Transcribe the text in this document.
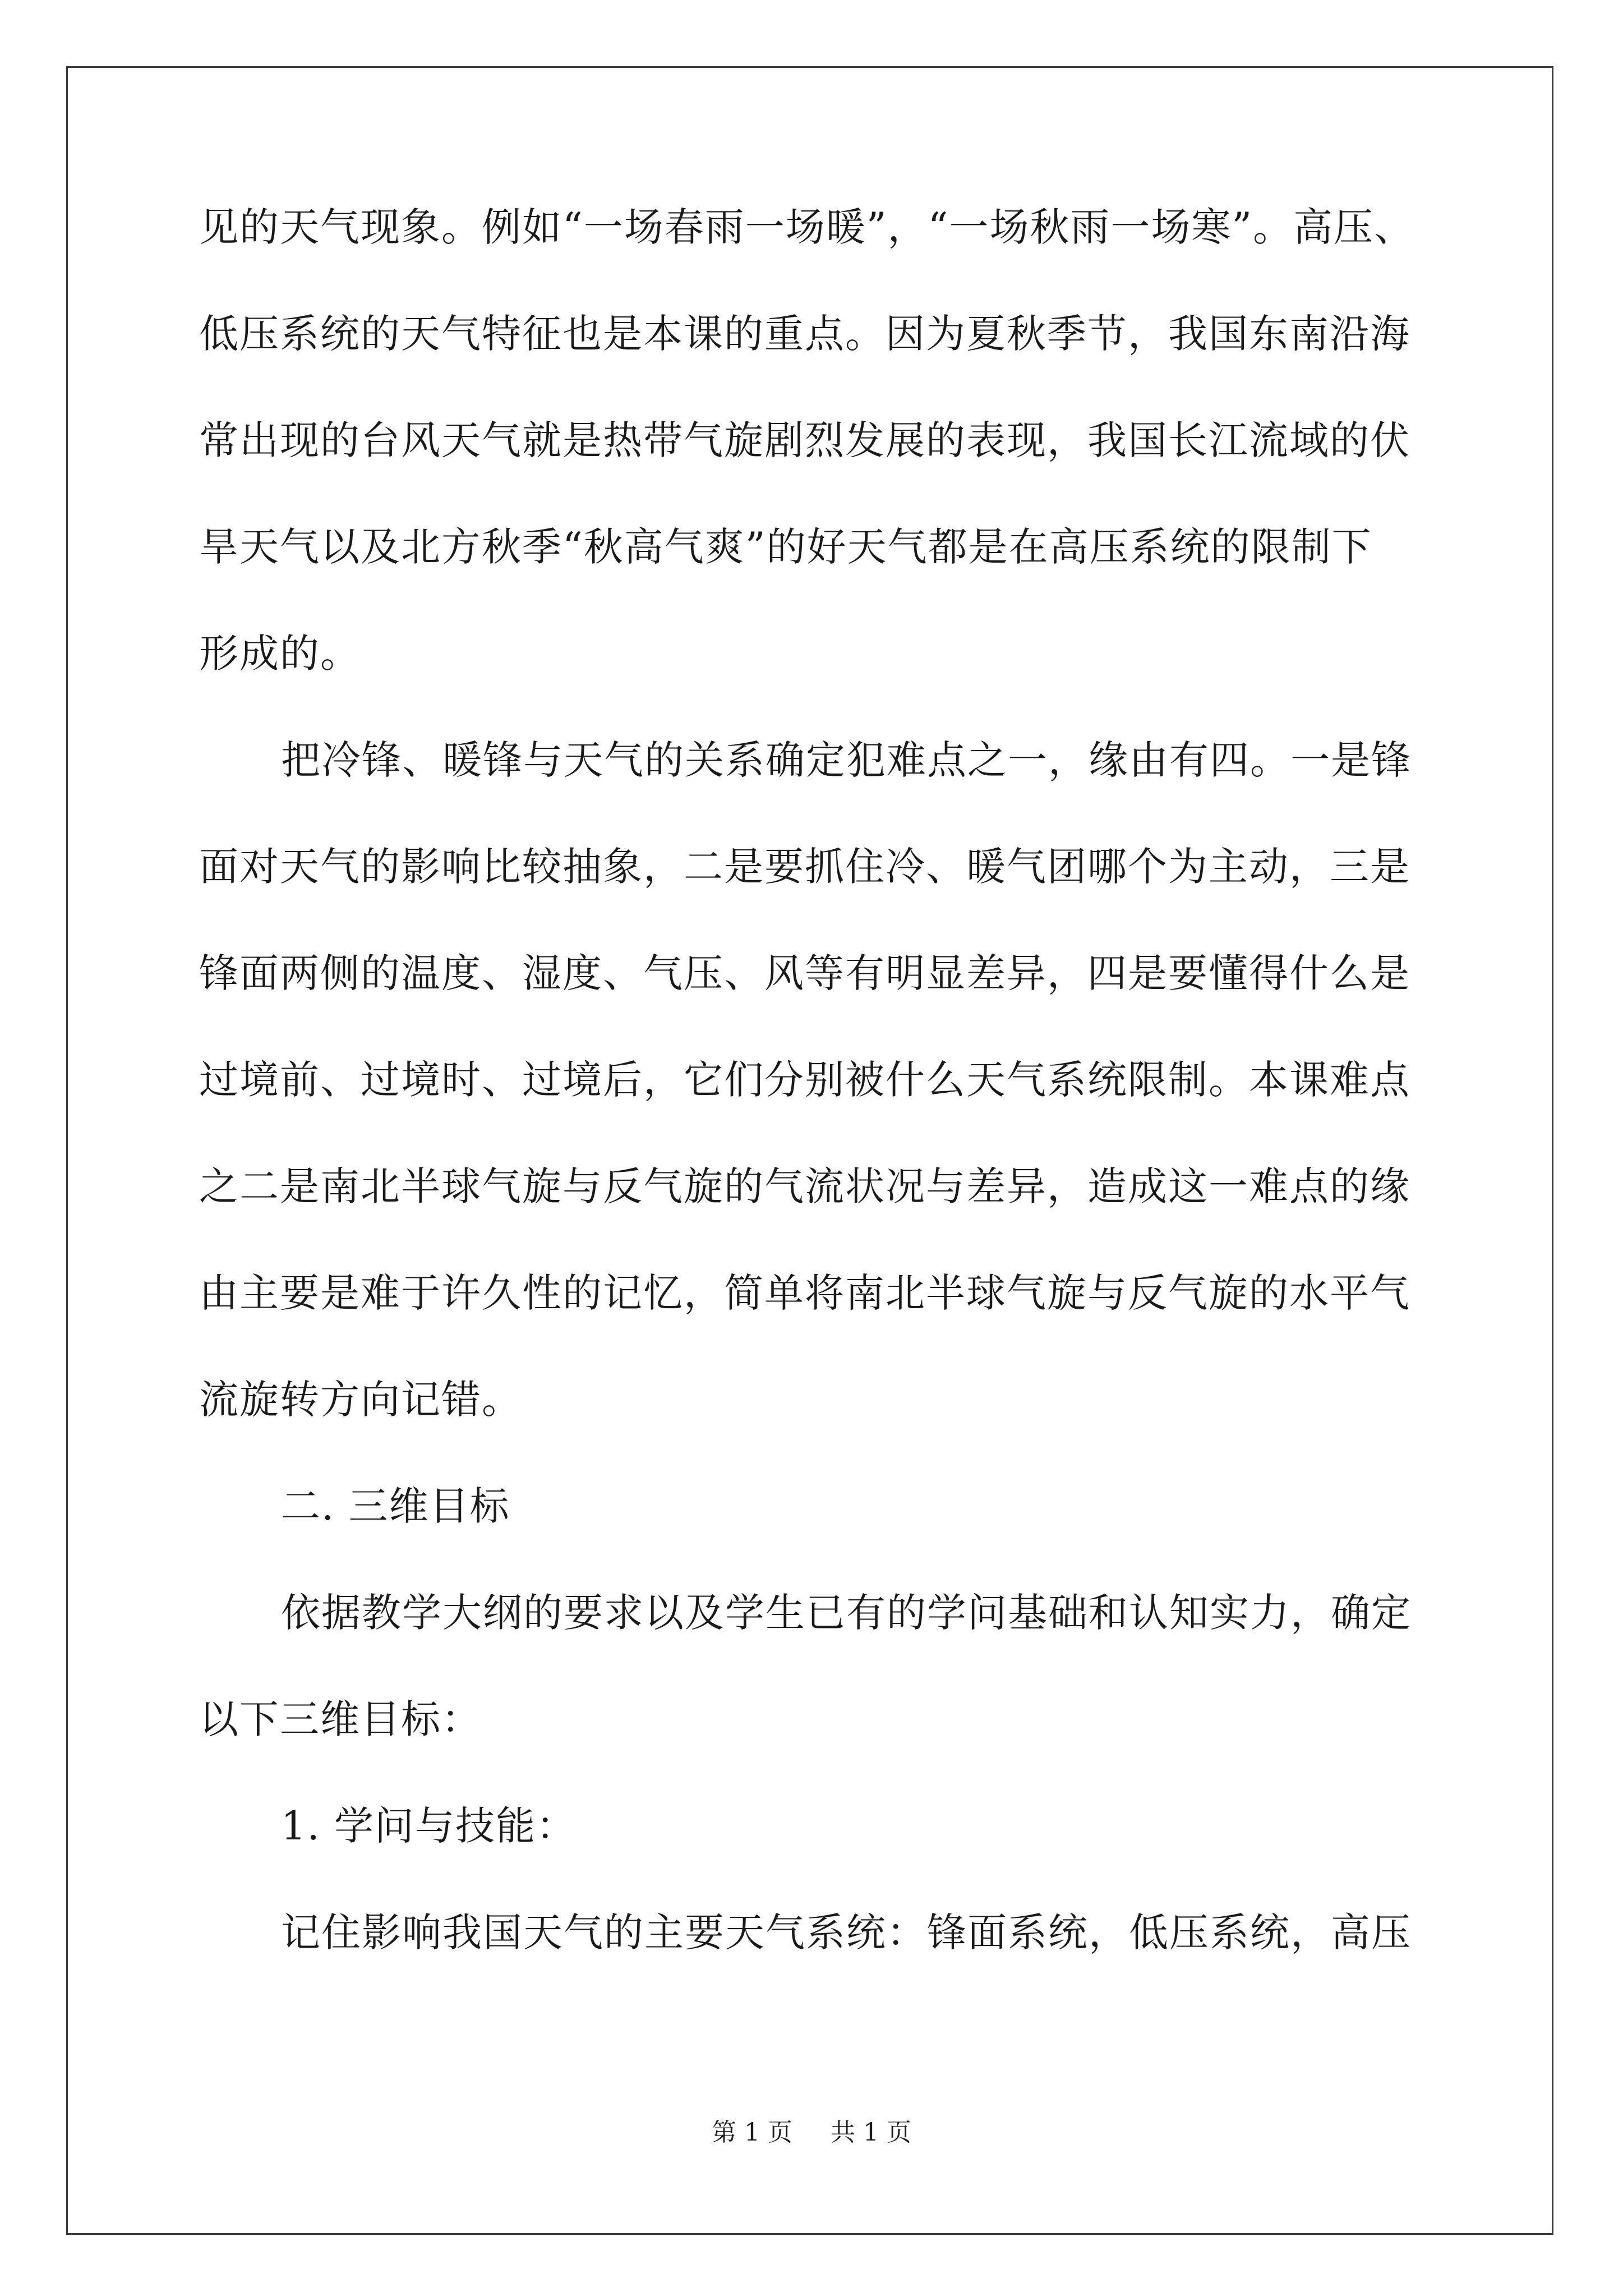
见的天气现象。例如“一场春雨一场暖”，“一场秋雨一场寒”。高压、
低压系统的天气特征也是本课的重点。因为夏秋季节，我国东南沿海
常出现的台风天气就是热带气旋剧烈发展的表现，我国长江流域的伏
旱天气以及北方秋季“秋高气爽”的好天气都是在高压系统的限制下
形成的。
把冷锋、暖锋与天气的关系确定犯难点之一，缘由有四。一是锋
面对天气的影响比较抽象，二是要抓住冷、暖气团哪个为主动，三是
锋面两侧的温度、湿度、气压、风等有明显差异，四是要懂得什么是
过境前、过境时、过境后，它们分别被什么天气系统限制。本课难点
之二是南北半球气旋与反气旋的气流状况与差异，造成这一难点的缘
由主要是难于许久性的记忆，简单将南北半球气旋与反气旋的水平气
流旋转方向记错。
二. 三维目标
依据教学大纲的要求以及学生已有的学问基础和认知实力，确定
以下三维目标：
1. 学问与技能：
记住影响我国天气的主要天气系统：锋面系统，低压系统，高压
第 1 页 共 1 页
